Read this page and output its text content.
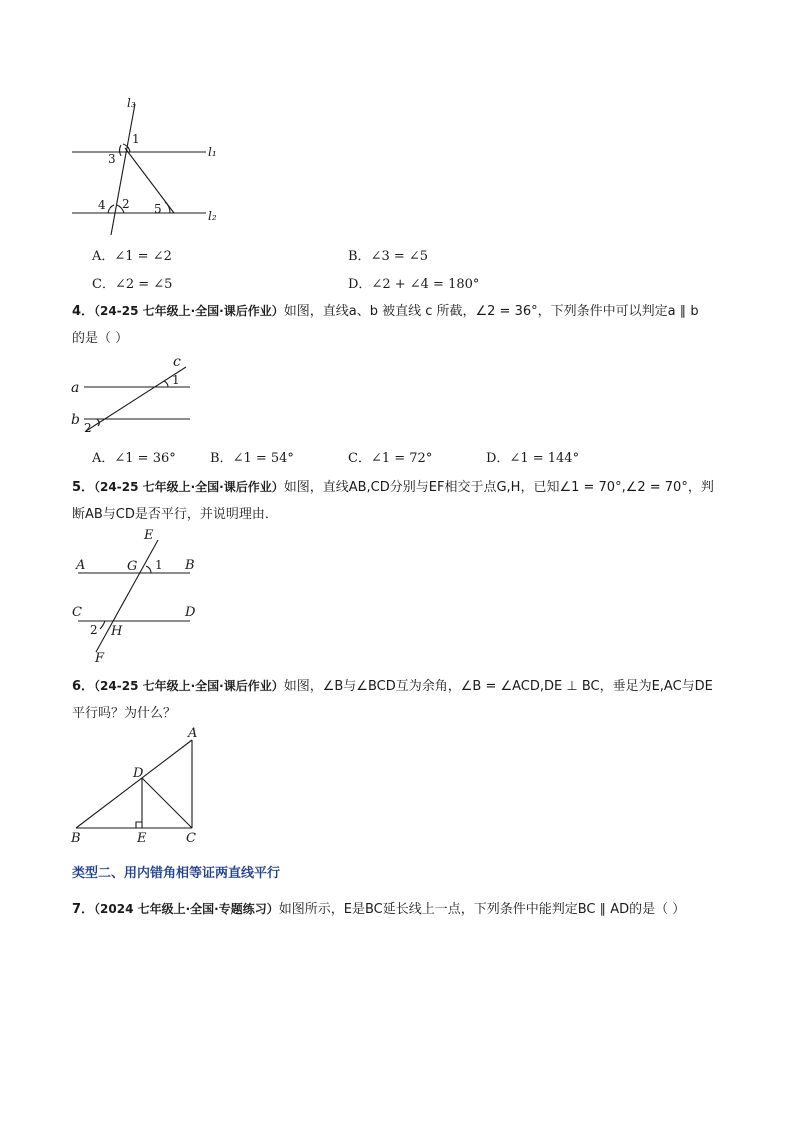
l₃
l₁
l₂
1
3
4 2 5
A．∠1 = ∠2	B．∠3 = ∠5
C．∠2 = ∠5	D．∠2 + ∠4 = 180°
4．（24-25 七年级上·全国·课后作业）如图，直线a、b 被直线 c 所截，∠2 = 36°，下列条件中可以判定a ∥ b
的是（ ）
a
b
c
1
2
A．∠1 = 36°	B．∠1 = 54°	C．∠1 = 72°	D．∠1 = 144°
5．（24-25 七年级上·全国·课后作业）如图，直线AB,CD分别与EF相交于点G,H，已知∠1 = 70°,∠2 = 70°，判
断AB与CD是否平行，并说明理由．
E
A	G 1 B
C	D
2 H
F
6．（24-25 七年级上·全国·课后作业）如图，∠B与∠BCD互为余角，∠B = ∠ACD,DE ⊥ BC，垂足为E,AC与DE
平行吗？为什么？
A
D
B	E	C
类型二、用内错角相等证两直线平行
7．（2024 七年级上·全国·专题练习）如图所示，E是BC延长线上一点，下列条件中能判定BC ∥ AD的是（ ）
